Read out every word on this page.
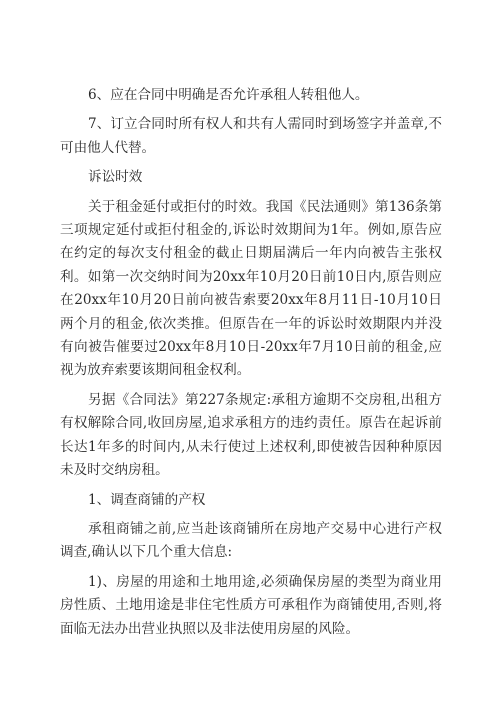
6、应在合同中明确是否允许承租人转租他人。

7、订立合同时所有权人和共有人需同时到场签字并盖章,不可由他人代替。

诉讼时效

关于租金延付或拒付的时效。我国《民法通则》第136条第三项规定延付或拒付租金的,诉讼时效期间为1年。例如,原告应在约定的每次支付租金的截止日期届满后一年内向被告主张权利。如第一次交纳时间为20xx年10月20日前10日内,原告则应在20xx年10月20日前向被告索要20xx年8月11日-10月10日两个月的租金,依次类推。但原告在一年的诉讼时效期限内并没有向被告催要过20xx年8月10日-20xx年7月10日前的租金,应视为放弃索要该期间租金权利。

另据《合同法》第227条规定:承租方逾期不交房租,出租方有权解除合同,收回房屋,追求承租方的违约责任。原告在起诉前长达1年多的时间内,从未行使过上述权利,即使被告因种种原因未及时交纳房租。

1、调查商铺的产权

承租商铺之前,应当赴该商铺所在房地产交易中心进行产权调查,确认以下几个重大信息:

1)、房屋的用途和土地用途,必须确保房屋的类型为商业用房性质、土地用途是非住宅性质方可承租作为商铺使用,否则,将面临无法办出营业执照以及非法使用房屋的风险。
